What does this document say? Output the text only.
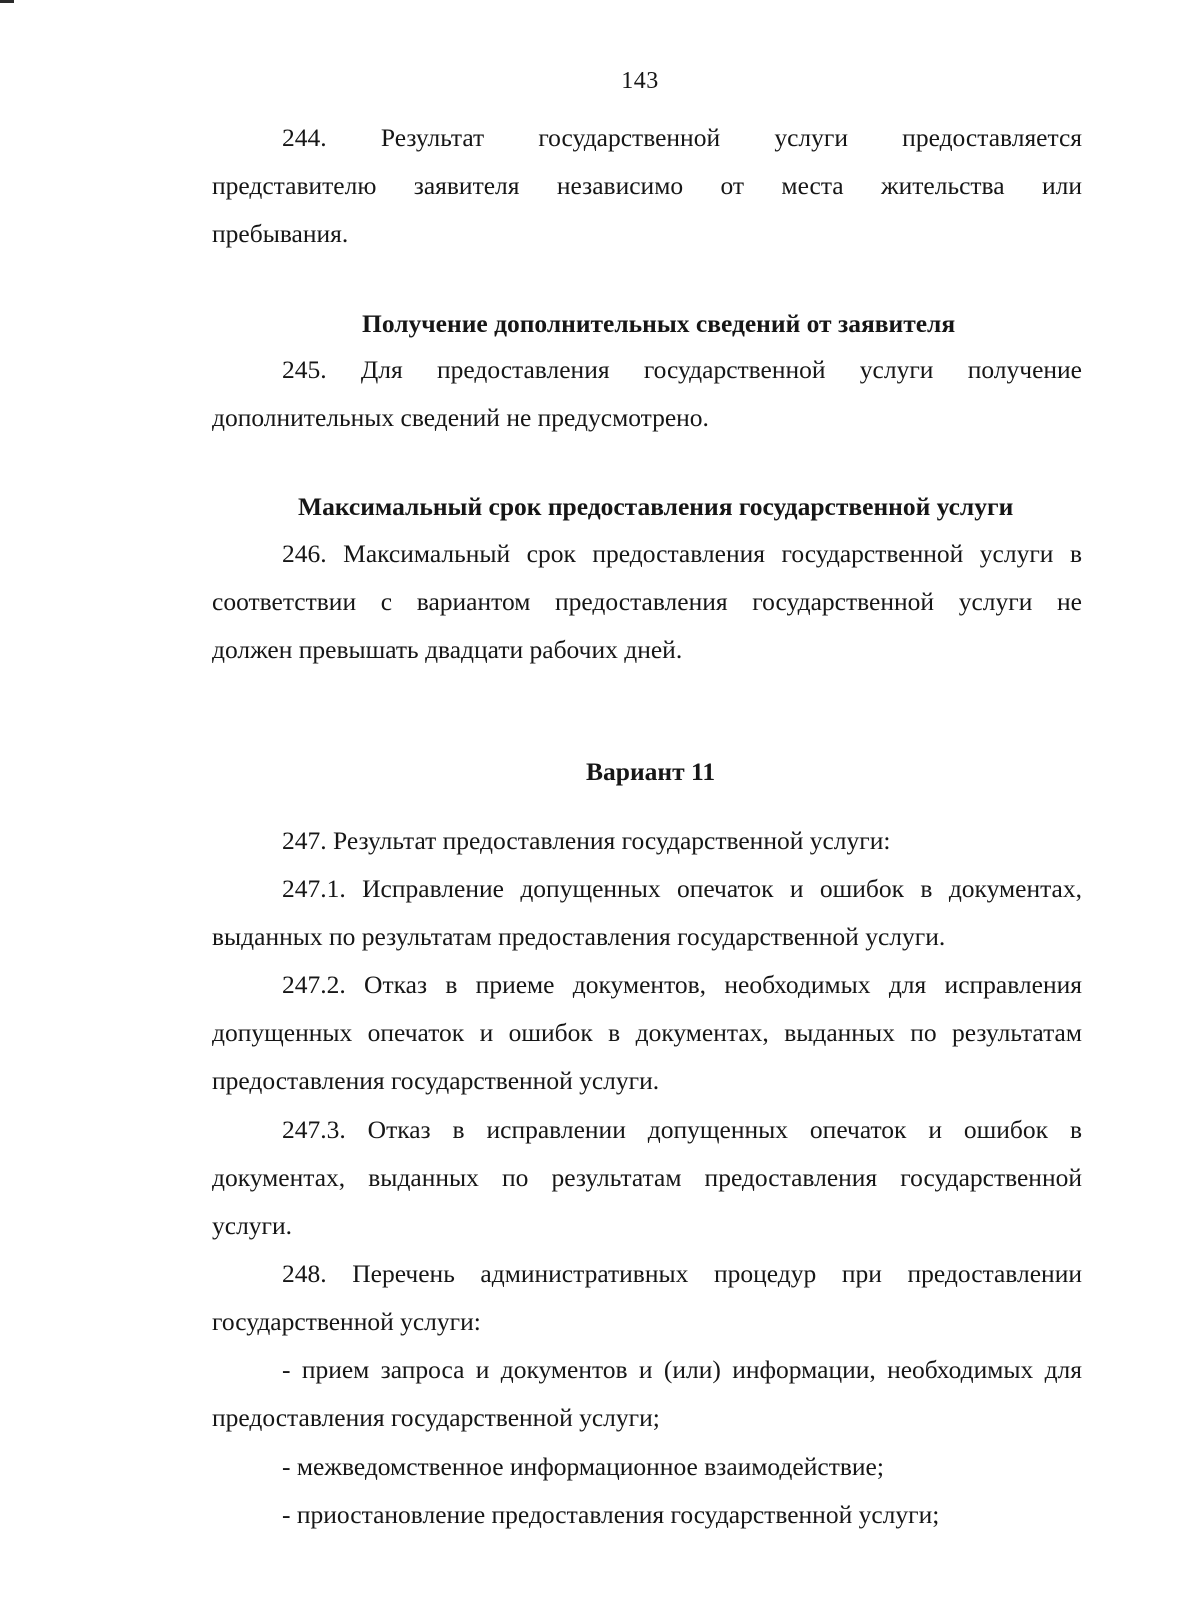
143
244. Результат государственной услуги предоставляется
представителю заявителя независимо от места жительства или
пребывания.
Получение дополнительных сведений от заявителя
245. Для предоставления государственной услуги получение
дополнительных сведений не предусмотрено.
Максимальный срок предоставления государственной услуги
246. Максимальный срок предоставления государственной услуги в
соответствии с вариантом предоставления государственной услуги не
должен превышать двадцати рабочих дней.
Вариант 11
247. Результат предоставления государственной услуги:
247.1. Исправление допущенных опечаток и ошибок в документах,
выданных по результатам предоставления государственной услуги.
247.2. Отказ в приеме документов, необходимых для исправления
допущенных опечаток и ошибок в документах, выданных по результатам
предоставления государственной услуги.
247.3. Отказ в исправлении допущенных опечаток и ошибок в
документах, выданных по результатам предоставления государственной
услуги.
248. Перечень административных процедур при предоставлении
государственной услуги:
- прием запроса и документов и (или) информации, необходимых для
предоставления государственной услуги;
- межведомственное информационное взаимодействие;
- приостановление предоставления государственной услуги;
